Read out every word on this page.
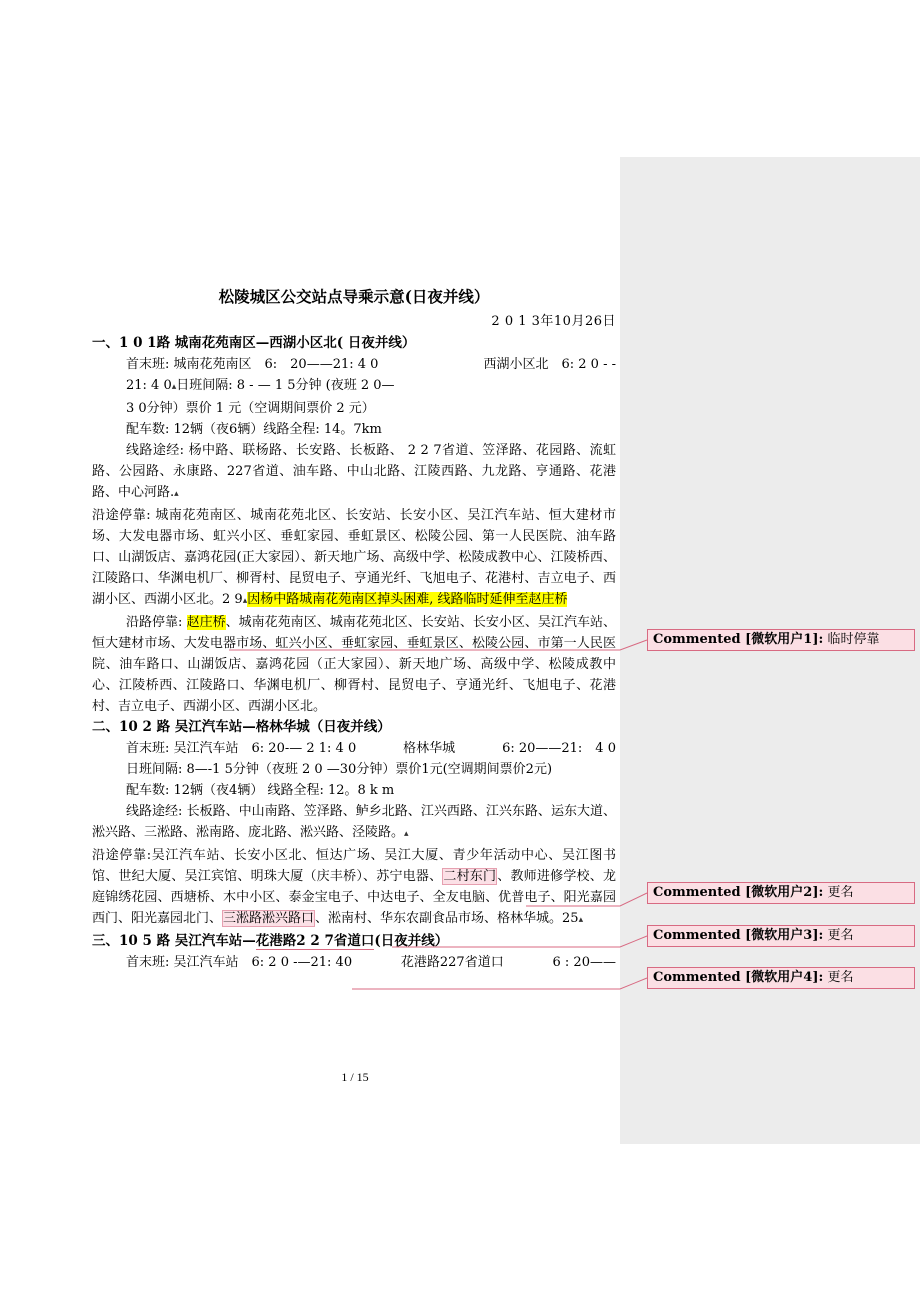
松陵城区公交站点导乘示意(日夜并线）

2 0 1 3年10月26日

一、1 0 1路 城南花苑南区—西湖小区北( 日夜并线）

首末班: 城南花苑南区　6:　20——21: 4 0	西湖小区北　6: 2 0 - -

21: 4 0▴日班间隔: 8 - — 1 5分钟 (夜班 2 0—

3 0分钟）票价 1 元（空调期间票价 2 元）

配车数: 12辆（夜6辆）线路全程: 14。7km

线路途经: 杨中路、联杨路、长安路、长板路、 2 2 7省道、笠泽路、花园路、流虹路、公园路、永康路、227省道、油车路、中山北路、江陵西路、九龙路、亨通路、花港路、中心河路.▴

沿途停靠: 城南花苑南区、城南花苑北区、长安站、长安小区、吴江汽车站、恒大建材市场、大发电器市场、虹兴小区、垂虹家园、垂虹景区、松陵公园、第一人民医院、油车路口、山湖饭店、嘉鸿花园(正大家园）、新天地广场、高级中学、松陵成教中心、江陵桥西、江陵路口、华渊电机厂、柳胥村、昆贸电子、亨通光纤、飞旭电子、花港村、吉立电子、西湖小区、西湖小区北。2 9▴因杨中路城南花苑南区掉头困难, 线路临时延伸至赵庄桥

沿路停靠: 赵庄桥、城南花苑南区、城南花苑北区、长安站、长安小区、吴江汽车站、恒大建材市场、大发电器市场、虹兴小区、垂虹家园、垂虹景区、松陵公园、市第一人民医院、油车路口、山湖饭店、嘉鸿花园（正大家园）、新天地广场、高级中学、松陵成教中心、江陵桥西、江陵路口、华渊电机厂、柳胥村、昆贸电子、亨通光纤、飞旭电子、花港村、吉立电子、西湖小区、西湖小区北。

二、10 2 路 吴江汽车站—格林华城（日夜并线）

首末班: 吴江汽车站　6: 20-— 2 1: 4 0	格林华城	6: 20——21:　4 0

日班间隔: 8—-1 5分钟（夜班 2 0 —30分钟）票价1元(空调期间票价2元)

配车数: 12辆（夜4辆） 线路全程: 12。8 k m

线路途经: 长板路、中山南路、笠泽路、鲈乡北路、江兴西路、江兴东路、运东大道、淞兴路、三淞路、淞南路、庞北路、淞兴路、泾陵路。▴

沿途停靠:吴江汽车站、长安小区北、恒达广场、吴江大厦、青少年活动中心、吴江图书馆、世纪大厦、吴江宾馆、明珠大厦（庆丰桥）、苏宁电器、二村东门、教师进修学校、龙庭锦绣花园、西塘桥、木中小区、泰金宝电子、中达电子、全友电脑、优普电子、阳光嘉园西门、阳光嘉园北门、三淞路淞兴路口、淞南村、华东农副食品市场、格林华城。25▴

三、10 5 路 吴江汽车站—花港路2 2 7省道口(日夜并线）

首末班: 吴江汽车站　6: 2 0 -—21: 40	花港路227省道口	6 : 20——
Commented [微软用户1]: 临时停靠
Commented [微软用户2]: 更名
Commented [微软用户3]: 更名
Commented [微软用户4]: 更名
1 / 15
